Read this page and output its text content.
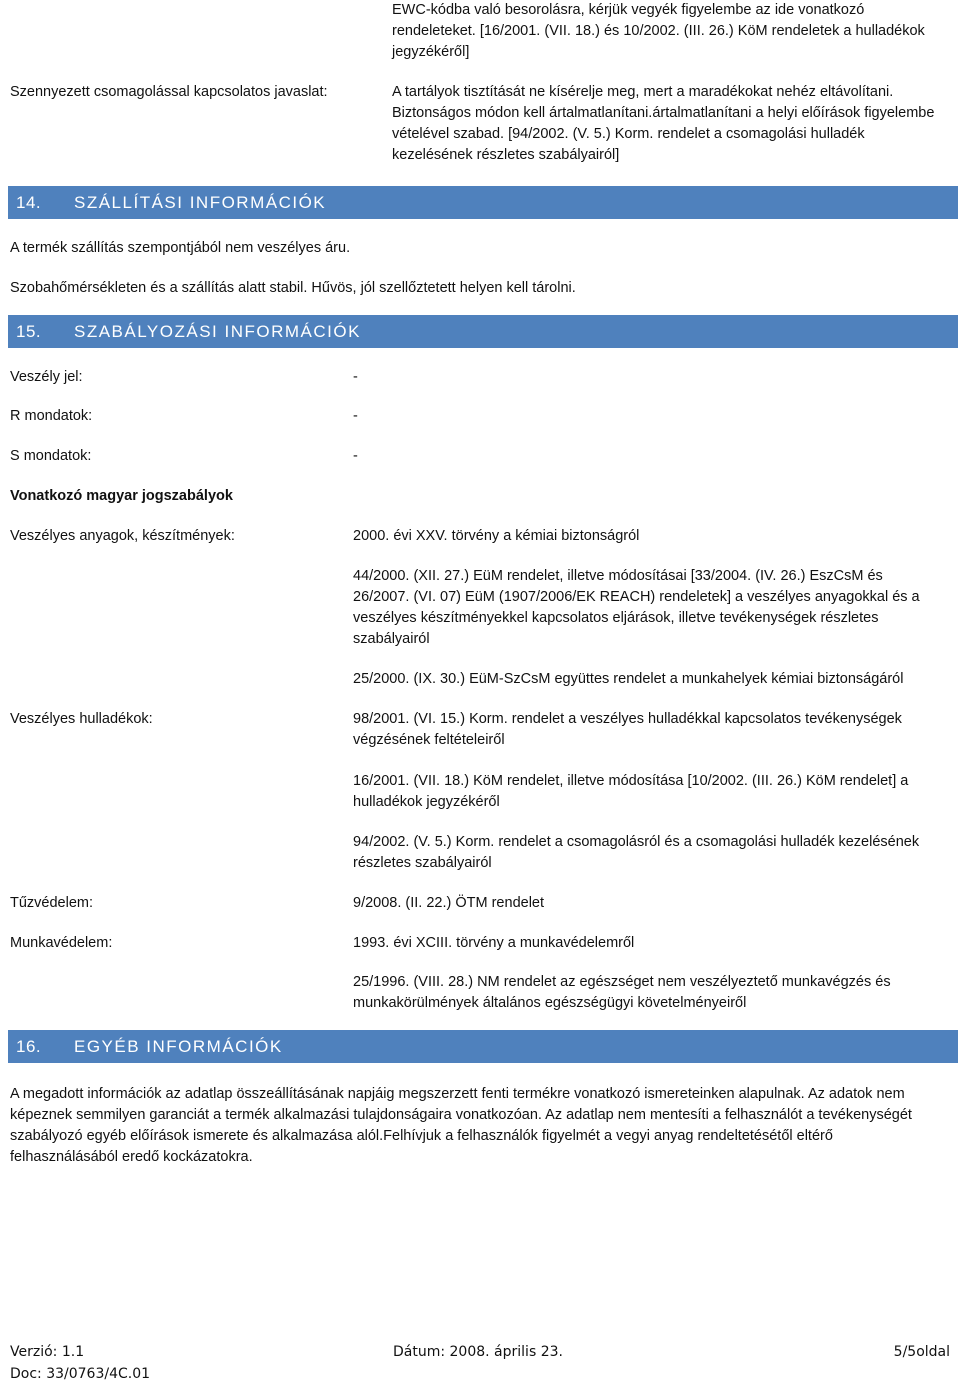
EWC-kódba való besorolásra, kérjük vegyék figyelembe az ide vonatkozó rendeleteket. [16/2001. (VII. 18.) és 10/2002. (III. 26.) KöM rendeletek a hulladékok jegyzékéről]
Szennyezett csomagolással kapcsolatos javaslat:	A tartályok tisztítását ne kísérelje meg, mert a maradékokat nehéz eltávolítani. Biztonságos módon kell ártalmatlanítani.ártalmatlanítani a helyi előírások figyelembe vételével szabad. [94/2002. (V. 5.) Korm. rendelet a csomagolási hulladék kezelésének részletes szabályairól]
14. SZÁLLÍTÁSI INFORMÁCIÓK
A termék szállítás szempontjából nem veszélyes áru.
Szobahőmérsékleten és a szállítás alatt stabil. Hűvös, jól szellőztetett helyen kell tárolni.
15. SZABÁLYOZÁSI INFORMÁCIÓK
Veszély jel:	-
R mondatok:	-
S mondatok:	-
Vonatkozó magyar jogszabályok
Veszélyes anyagok, készítmények:	2000. évi XXV. törvény a kémiai biztonságról
44/2000. (XII. 27.) EüM rendelet, illetve módosításai [33/2004. (IV. 26.) EszCsM és 26/2007. (VI. 07) EüM (1907/2006/EK REACH) rendeletek] a veszélyes anyagokkal és a veszélyes készítményekkel kapcsolatos eljárások, illetve tevékenységek részletes szabályairól
25/2000. (IX. 30.) EüM-SzCsM együttes rendelet a munkahelyek kémiai biztonságáról
Veszélyes hulladékok:	98/2001. (VI. 15.) Korm. rendelet a veszélyes hulladékkal kapcsolatos tevékenységek végzésének feltételeiről
16/2001. (VII. 18.) KöM rendelet, illetve módosítása [10/2002. (III. 26.) KöM rendelet] a hulladékok jegyzékéről
94/2002. (V. 5.) Korm. rendelet a csomagolásról és a csomagolási hulladék kezelésének részletes szabályairól
Tűzvédelem:	9/2008. (II. 22.) ÖTM rendelet
Munkavédelem:	1993. évi XCIII. törvény a munkavédelemről
25/1996. (VIII. 28.) NM rendelet az egészséget nem veszélyeztető munkavégzés és munkakörülmények általános egészségügyi követelményeiről
16. EGYÉB INFORMÁCIÓK
A megadott információk az adatlap összeállításának napjáig megszerzett fenti termékre vonatkozó ismereteinken alapulnak. Az adatok nem képeznek semmilyen garanciát a termék alkalmazási tulajdonságaira vonatkozóan. Az adatlap nem mentesíti a felhasználót a tevékenységét szabályozó egyéb előírások ismerete és alkalmazása alól.Felhívjuk a felhasználók figyelmét a vegyi anyag rendeltetésétől eltérő felhasználásából eredő kockázatokra.
Verzió: 1.1	Dátum: 2008. április 23.	5/5oldal
Doc: 33/0763/4C.01
